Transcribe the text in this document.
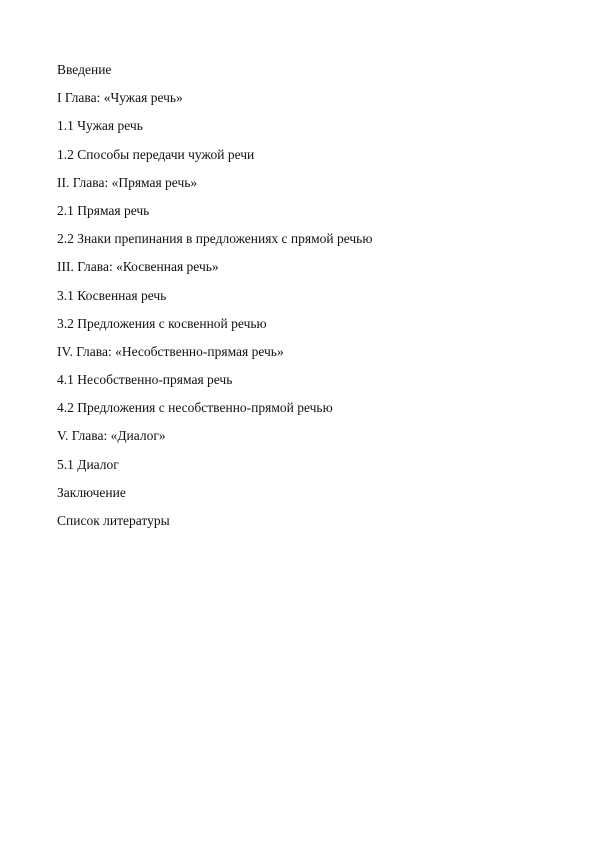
Введение
I Глава: «Чужая речь»
1.1 Чужая речь
1.2 Способы передачи чужой речи
II. Глава: «Прямая речь»
2.1 Прямая речь
2.2 Знаки препинания в предложениях с прямой речью
III. Глава: «Косвенная речь»
3.1 Косвенная речь
3.2 Предложения с косвенной речью
IV. Глава: «Несобственно-прямая речь»
4.1 Несобственно-прямая речь
4.2 Предложения с несобственно-прямой речью
V. Глава: «Диалог»
5.1 Диалог
Заключение
Список литературы
